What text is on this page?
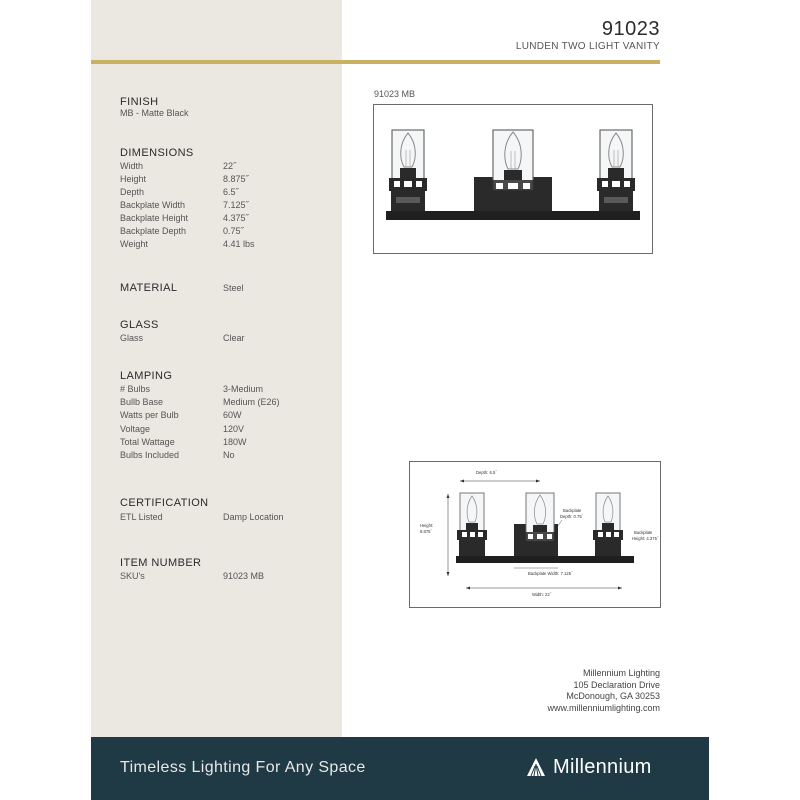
91023
LUNDEN TWO LIGHT VANITY
FINISH
MB - Matte Black
DIMENSIONS
Width	22˝
Height	8.875˝
Depth	6.5˝
Backplate Width	7.125˝
Backplate Height	4.375˝
Backplate Depth	0.75˝
Weight	4.41 lbs
MATERIAL	Steel
GLASS
Glass	Clear
LAMPING
# Bulbs	3-Medium
Bullb Base	Medium (E26)
Watts per Bulb	60W
Voltage	120V
Total Wattage	180W
Bulbs Included	No
CERTIFICATION
ETL Listed	Damp Location
ITEM NUMBER
SKU's	91023 MB
91023 MB
Depth: 6.5˝
Height:
8.875˝
Backplate
Depth: 0.75˝
Backplate
Height: 4.375˝
Backplate Width: 7.125˝
Width: 22˝
Millennium Lighting
105 Declaration Drive
McDonough, GA 30253
www.millenniumlighting.com
Timeless Lighting For Any Space	Millennium
